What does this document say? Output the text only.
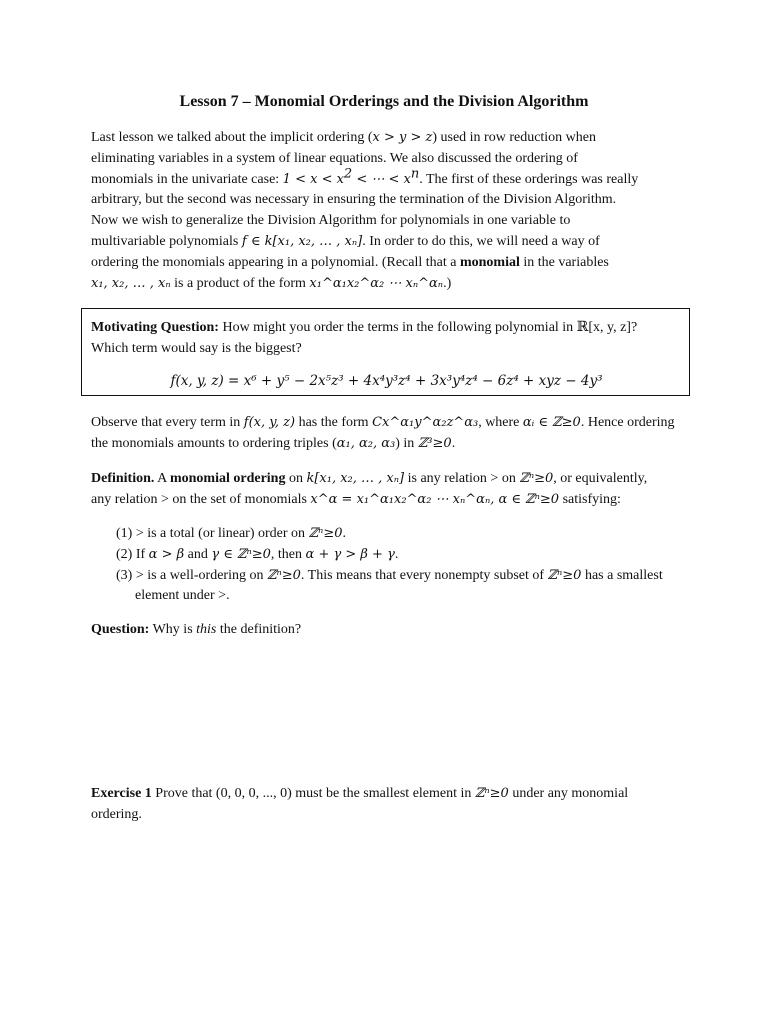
Lesson 7 – Monomial Orderings and the Division Algorithm
Last lesson we talked about the implicit ordering (x > y > z) used in row reduction when
eliminating variables in a system of linear equations. We also discussed the ordering of
monomials in the univariate case: $1 < x < x^2$ < ⋯ < $x^n$. The first of these orderings was really
arbitrary, but the second was necessary in ensuring the termination of the Division Algorithm.
Now we wish to generalize the Division Algorithm for polynomials in one variable to
multivariable polynomials f ∈ k[x₁, x₂, … , xₙ]. In order to do this, we will need a way of
ordering the monomials appearing in a polynomial. (Recall that a monomial in the variables
x₁, x₂, … , xₙ is a product of the form x₁^α₁x₂^α₂ ⋯ xₙ^αₙ.)
Motivating Question: How might you order the terms in the following polynomial in ℝ[x, y, z]?
Which term would say is the biggest?
f(x, y, z) = x⁶ + y⁵ − 2x⁵z³ + 4x⁴y³z⁴ + 3x³y⁴z⁴ − 6z⁴ + xyz − 4y³
Observe that every term in f(x, y, z) has the form Cx^α₁y^α₂z^α₃, where αᵢ ∈ ℤ≥0. Hence ordering
the monomials amounts to ordering triples (α₁, α₂, α₃) in ℤ³≥0.
Definition. A monomial ordering on k[x₁, x₂, … , xₙ] is any relation > on ℤⁿ≥0, or equivalently,
any relation > on the set of monomials x^α = x₁^α₁x₂^α₂ ⋯ xₙ^αₙ, α ∈ ℤⁿ≥0 satisfying:
(1) > is a total (or linear) order on ℤⁿ≥0.
(2) If α > β and γ ∈ ℤⁿ≥0, then α + γ > β + γ.
(3) > is a well-ordering on ℤⁿ≥0. This means that every nonempty subset of ℤⁿ≥0 has a smallest
element under >.
Question: Why is this the definition?
Exercise 1 Prove that (0, 0, 0, ..., 0) must be the smallest element in ℤⁿ≥0 under any monomial
ordering.
